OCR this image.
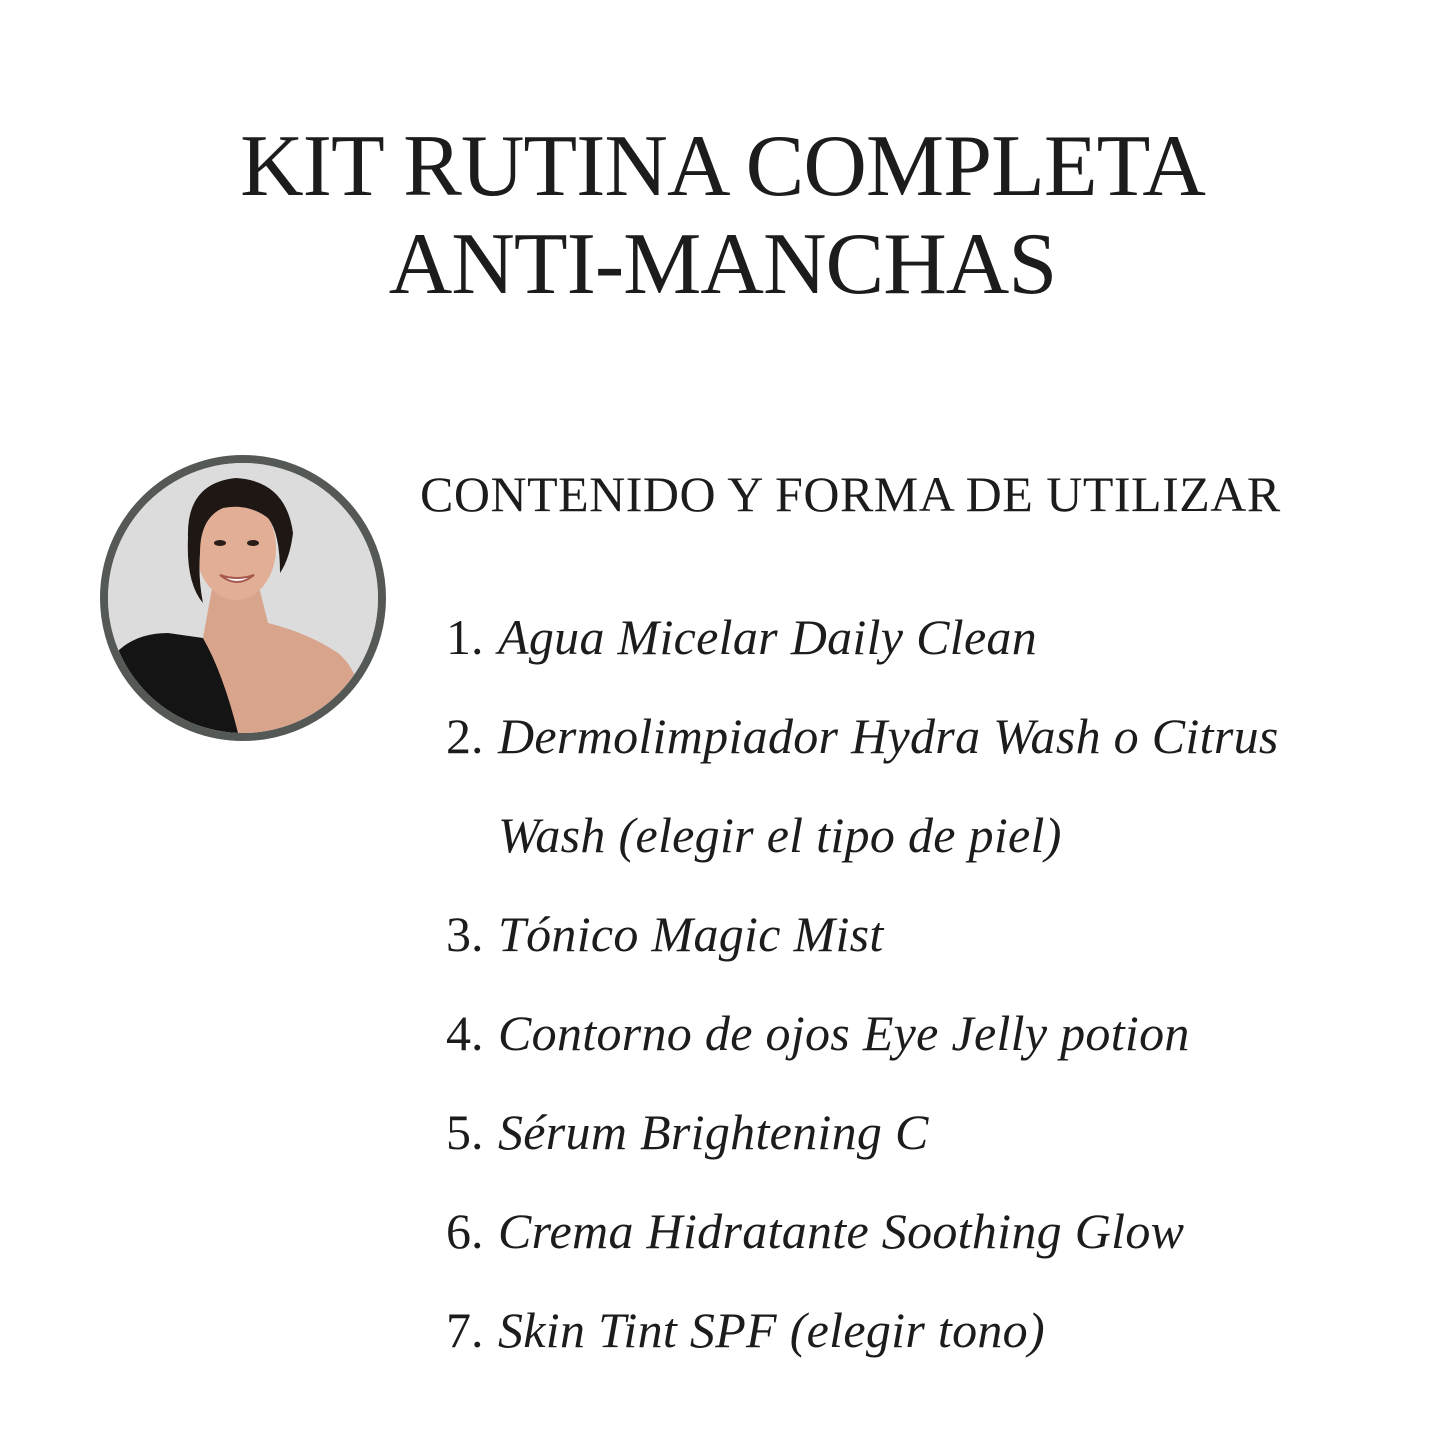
KIT RUTINA COMPLETA
ANTI-MANCHAS
CONTENIDO Y FORMA DE UTILIZAR
1. Agua Micelar Daily Clean
2. Dermolimpiador Hydra Wash o Citrus Wash (elegir el tipo de piel)
3. Tónico Magic Mist
4. Contorno de ojos Eye Jelly potion
5. Sérum Brightening C
6. Crema Hidratante Soothing Glow
7. Skin Tint SPF (elegir tono)
